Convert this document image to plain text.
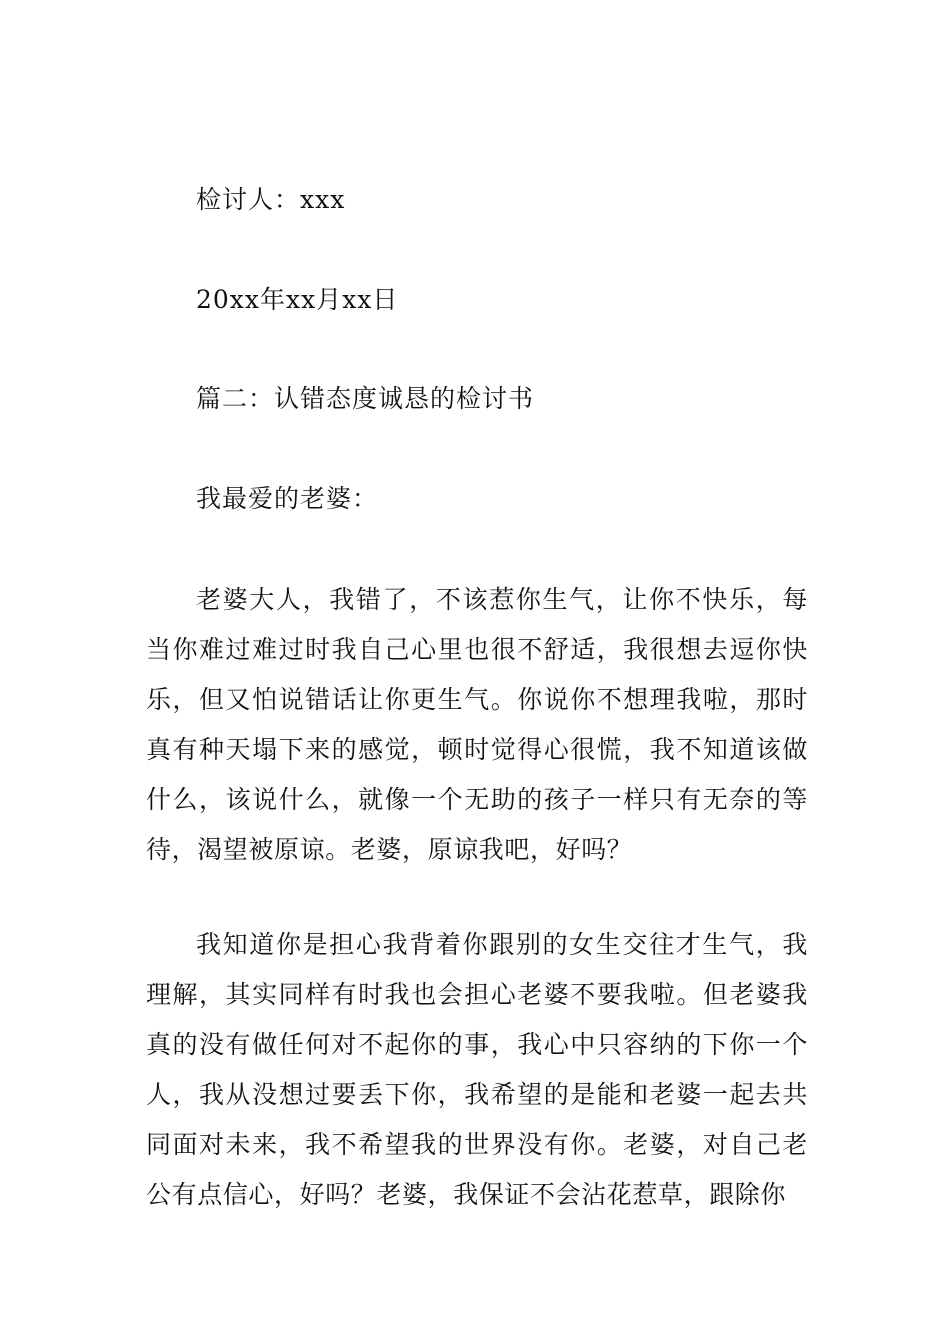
检讨人：xxx
20xx年xx月xx日
篇二：认错态度诚恳的检讨书
我最爱的老婆：
老婆大人，我错了，不该惹你生气，让你不快乐，每当你难过难过时我自己心里也很不舒适，我很想去逗你快乐，但又怕说错话让你更生气。你说你不想理我啦，那时真有种天塌下来的感觉，顿时觉得心很慌，我不知道该做什么，该说什么，就像一个无助的孩子一样只有无奈的等待，渴望被原谅。老婆，原谅我吧，好吗？
我知道你是担心我背着你跟别的女生交往才生气，我理解，其实同样有时我也会担心老婆不要我啦。但老婆我真的没有做任何对不起你的事，我心中只容纳的下你一个人，我从没想过要丢下你，我希望的是能和老婆一起去共同面对未来，我不希望我的世界没有你。老婆，对自己老公有点信心，好吗？老婆，我保证不会沾花惹草，跟除你
